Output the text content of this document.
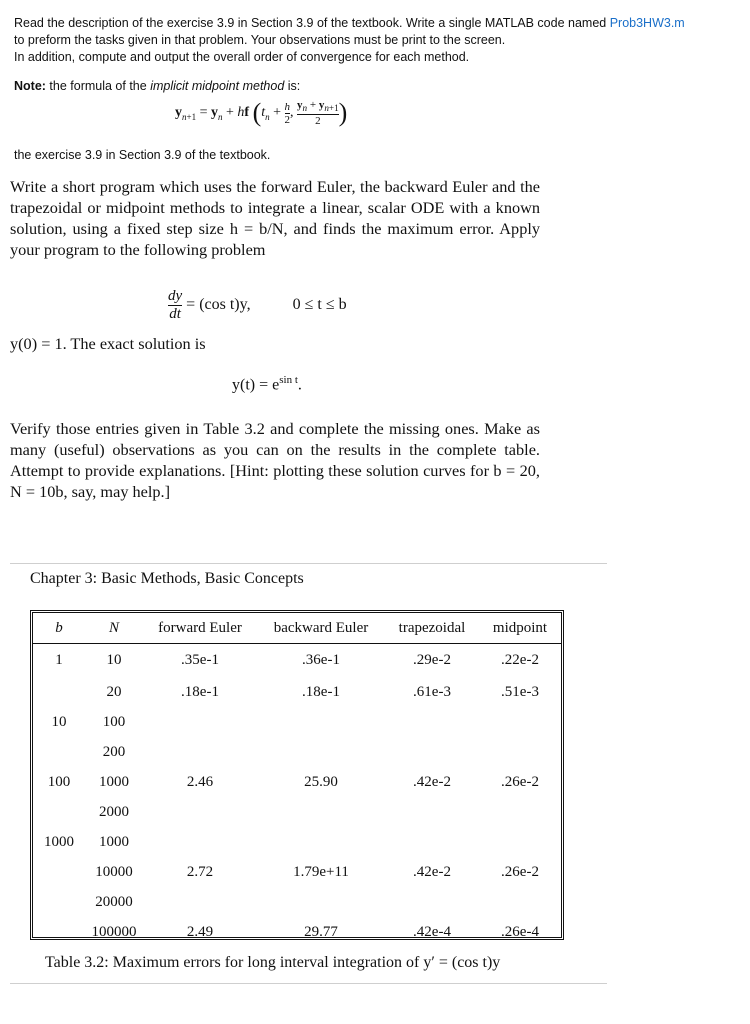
Read the description of the exercise 3.9 in Section 3.9 of the textbook. Write a single MATLAB code named Prob3HW3.m

to preform the tasks given in that problem. Your observations must be print to the screen.

In addition, compute and output the overall order of convergence for each method.

Note: the formula of the implicit midpoint method is:
$y_{n+1} = y_n$ + hf ($t_n + \frac{h}{2}$ , $\frac{y_n + y_{n+1}}{2}$ )
the exercise 3.9 in Section 3.9 of the textbook.
Write a short program which uses the forward Euler, the backward Euler and the trapezoidal or midpoint methods to integrate a linear, scalar ODE with a known solution, using a fixed step size h = b/N, and finds the maximum error. Apply your program to the following problem
$\frac{dy}{dt} = (\cos$ t)y,	0 ≤ t ≤ b
y(0) = 1. The exact solution is
$y(t) = e^{sin t}$.
Verify those entries given in Table 3.2 and complete the missing ones. Make as many (useful) observations as you can on the results in the complete table. Attempt to provide explanations. [Hint: plotting these solution curves for b = 20, N = 10b, say, may help.]
Chapter 3: Basic Methods, Basic Concepts
b	N	forward Euler	backward Euler	trapezoidal	midpoint
1	10	.35e-1	.36e-1	.29e-2	.22e-2
	20	.18e-1	.18e-1	.61e-3	.51e-3
10	100				
	200				
100	1000	2.46	25.90	.42e-2	.26e-2
	2000				
1000	1000				
	10000	2.72	1.79e+11	.42e-2	.26e-2
	20000				
	100000	2.49	29.77	.42e-4	.26e-4
Table 3.2: Maximum errors for long interval integration of y′ = (cos t)y
